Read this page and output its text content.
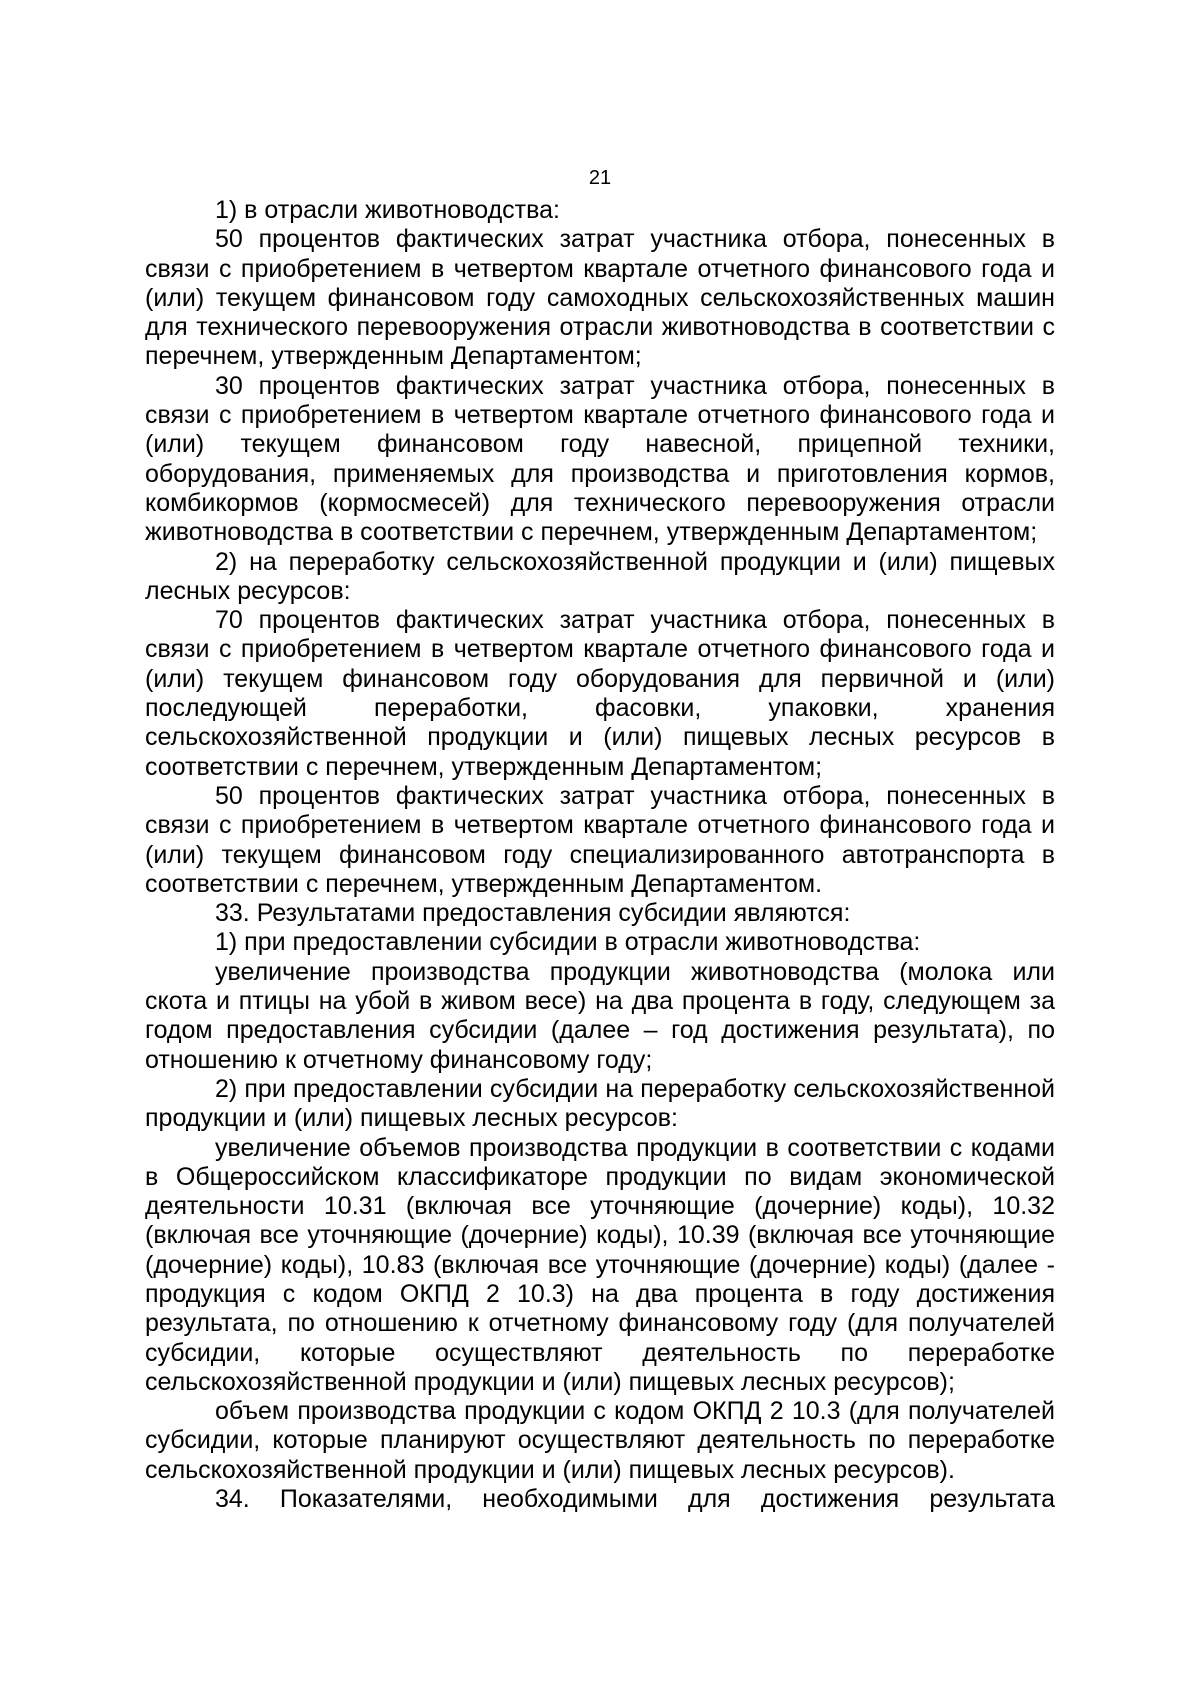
21

1) в отрасли животноводства:

50 процентов фактических затрат участника отбора, понесенных в связи с приобретением в четвертом квартале отчетного финансового года и (или) текущем финансовом году самоходных сельскохозяйственных машин для технического перевооружения отрасли животноводства в соответствии с перечнем, утвержденным Департаментом;

30 процентов фактических затрат участника отбора, понесенных в связи с приобретением в четвертом квартале отчетного финансового года и (или) текущем финансовом году навесной, прицепной техники, оборудования, применяемых для производства и приготовления кормов, комбикормов (кормосмесей) для технического перевооружения отрасли животноводства в соответствии с перечнем, утвержденным Департаментом;

2) на переработку сельскохозяйственной продукции и (или) пищевых лесных ресурсов:

70 процентов фактических затрат участника отбора, понесенных в связи с приобретением в четвертом квартале отчетного финансового года и (или) текущем финансовом году оборудования для первичной и (или) последующей переработки, фасовки, упаковки, хранения сельскохозяйственной продукции и (или) пищевых лесных ресурсов в соответствии с перечнем, утвержденным Департаментом;

50 процентов фактических затрат участника отбора, понесенных в связи с приобретением в четвертом квартале отчетного финансового года и (или) текущем финансовом году специализированного автотранспорта в соответствии с перечнем, утвержденным Департаментом.

33. Результатами предоставления субсидии являются:

1) при предоставлении субсидии в отрасли животноводства:

увеличение производства продукции животноводства (молока или скота и птицы на убой в живом весе) на два процента в году, следующем за годом предоставления субсидии (далее – год достижения результата), по отношению к отчетному финансовому году;

2) при предоставлении субсидии на переработку сельскохозяйственной продукции и (или) пищевых лесных ресурсов:

увеличение объемов производства продукции в соответствии с кодами в Общероссийском классификаторе продукции по видам экономической деятельности 10.31 (включая все уточняющие (дочерние) коды), 10.32 (включая все уточняющие (дочерние) коды), 10.39 (включая все уточняющие (дочерние) коды), 10.83 (включая все уточняющие (дочерние) коды) (далее - продукция с кодом ОКПД 2 10.3) на два процента в году достижения результата, по отношению к отчетному финансовому году (для получателей субсидии, которые осуществляют деятельность по переработке сельскохозяйственной продукции и (или) пищевых лесных ресурсов);

объем производства продукции с кодом ОКПД 2 10.3 (для получателей субсидии, которые планируют осуществляют деятельность по переработке сельскохозяйственной продукции и (или) пищевых лесных ресурсов).

34. Показателями, необходимыми для достижения результата
